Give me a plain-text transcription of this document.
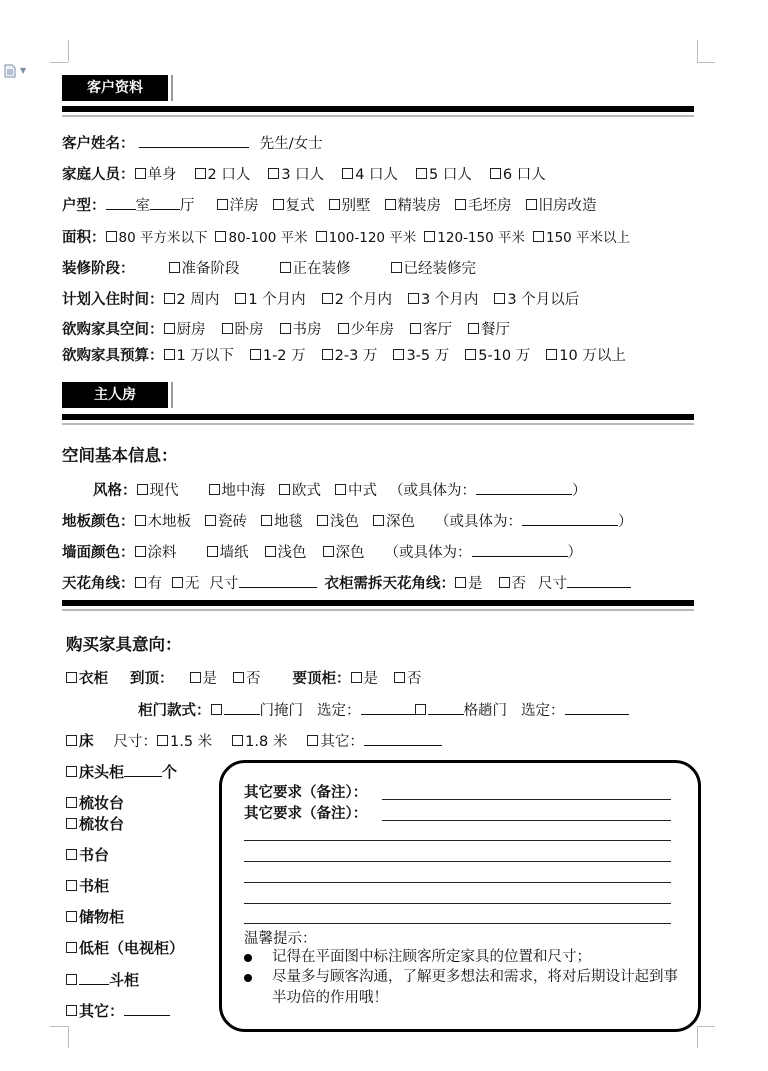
▼
客户资料
客户姓名：	先生/女士
家庭人员： 单身 2 口人 3 口人 4 口人 5 口人 6 口人
户型： 室 厅 洋房 复式 别墅 精装房 毛坯房 旧房改造
面积： 80 平方米以下 80-100 平米 100-120 平米 120-150 平米 150 平米以上
装修阶段：	准备阶段	正在装修	已经装修完
计划入住时间： 2 周内 1 个月内 2 个月内 3 个月内 3 个月以后
欲购家具空间： 厨房 卧房 书房 少年房 客厅 餐厅
欲购家具预算： 1 万以下 1-2 万 2-3 万 3-5 万 5-10 万 10 万以上
主人房
空间基本信息：
风格： 现代	地中海 欧式 中式 （或具体为：	）
地板颜色： 木地板 瓷砖 地毯 浅色 深色 （或具体为：	）
墙面颜色： 涂料	墙纸 浅色 深色 （或具体为：	）
天花角线： 有 无 尺寸	衣柜需拆天花角线： 是 否 尺寸
购买家具意向：
衣柜 到顶： 是 否 要顶柜： 是 否
柜门款式：	门掩门 选定：	格趟门 选定：
床 尺寸： 1.5 米 1.8 米 其它：
床头柜	个
梳妆台
梳妆台
书台
书柜
储物柜
低柜（电视柜）
斗柜
其它：
其它要求（备注）：
其它要求（备注）：
温馨提示：
记得在平面图中标注顾客所定家具的位置和尺寸；
尽量多与顾客沟通，了解更多想法和需求，将对后期设计起到事半功倍的作用哦！
